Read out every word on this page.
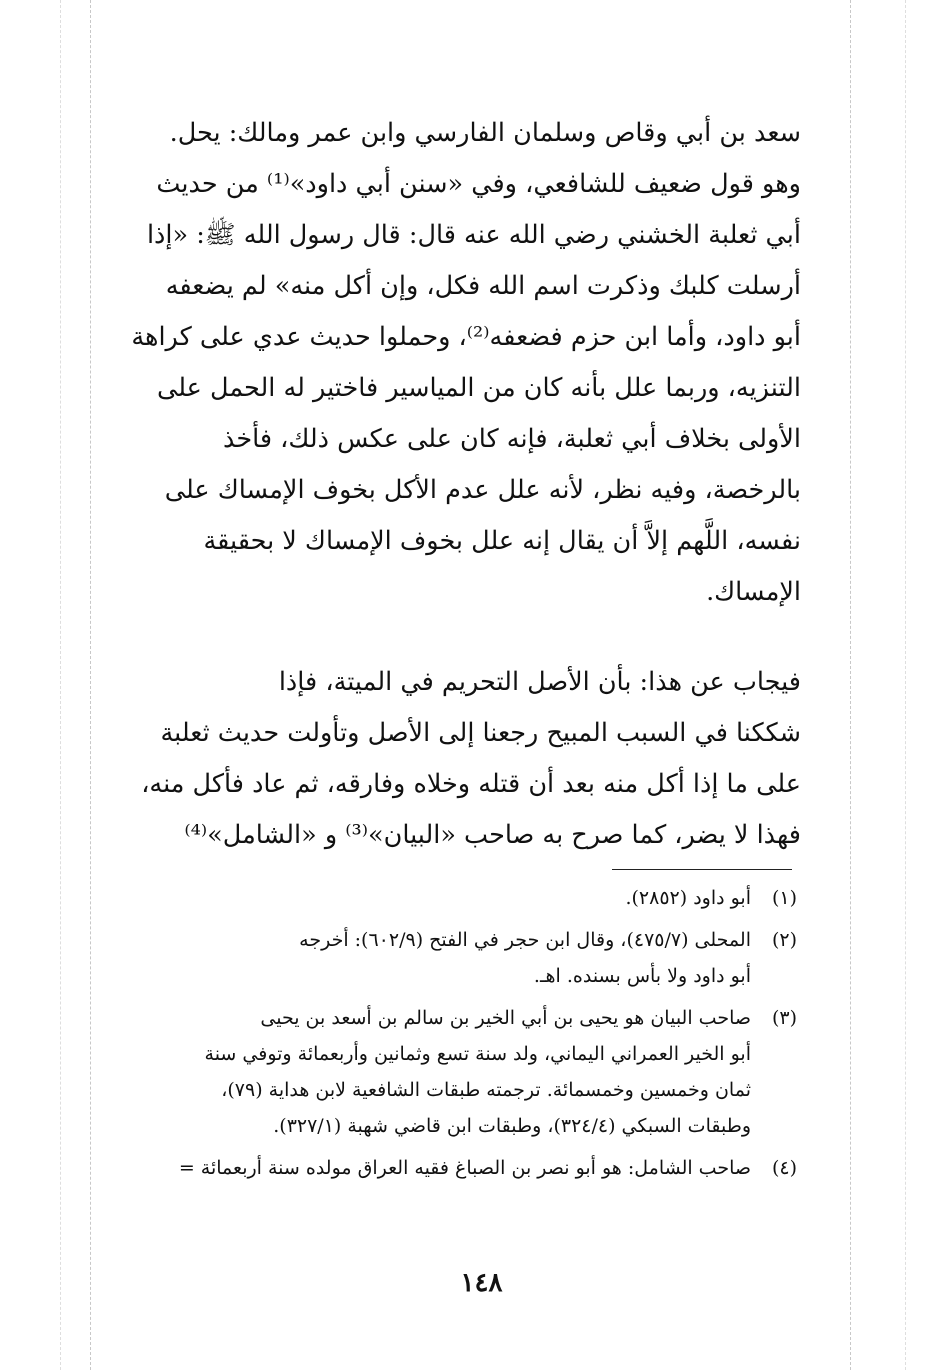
سعد بن أبي وقاص وسلمان الفارسي وابن عمر ومالك: يحل.
وهو قول ضعيف للشافعي، وفي «سنن أبي داود»⁽¹⁾ من حديث
أبي ثعلبة الخشني رضي الله عنه قال: قال رسول الله ﷺ: «إذا
أرسلت كلبك وذكرت اسم الله فكل، وإن أكل منه» لم يضعفه
أبو داود، وأما ابن حزم فضعفه⁽²⁾، وحملوا حديث عدي على كراهة
التنزيه، وربما علل بأنه كان من المياسير فاختير له الحمل على
الأولى بخلاف أبي ثعلبة، فإنه كان على عكس ذلك، فأخذ
بالرخصة، وفيه نظر، لأنه علل عدم الأكل بخوف الإمساك على
نفسه، اللَّهم إلاَّ أن يقال إنه علل بخوف الإمساك لا بحقيقة
الإمساك.
فيجاب عن هذا: بأن الأصل التحريم في الميتة، فإذا
شككنا في السبب المبيح رجعنا إلى الأصل وتأولت حديث ثعلبة
على ما إذا أكل منه بعد أن قتله وخلاه وفارقه، ثم عاد فأكل منه،
فهذا لا يضر، كما صرح به صاحب «البيان»⁽³⁾ و «الشامل»⁽⁴⁾
(١)
أبو داود (٢٨٥٢).
(٢)
المحلى (٤٧٥/٧)، وقال ابن حجر في الفتح (٦٠٢/٩): أخرجه
أبو داود ولا بأس بسنده. اهـ.
(٣)
صاحب البيان هو يحيى بن أبي الخير بن سالم بن أسعد بن يحيى
أبو الخير العمراني اليماني، ولد سنة تسع وثمانين وأربعمائة وتوفي سنة
ثمان وخمسين وخمسمائة. ترجمته طبقات الشافعية لابن هداية (٧٩)،
وطبقات السبكي (٣٢٤/٤)، وطبقات ابن قاضي شهبة (٣٢٧/١).
(٤)
صاحب الشامل: هو أبو نصر بن الصباغ فقيه العراق مولده سنة أربعمائة =
١٤٨
